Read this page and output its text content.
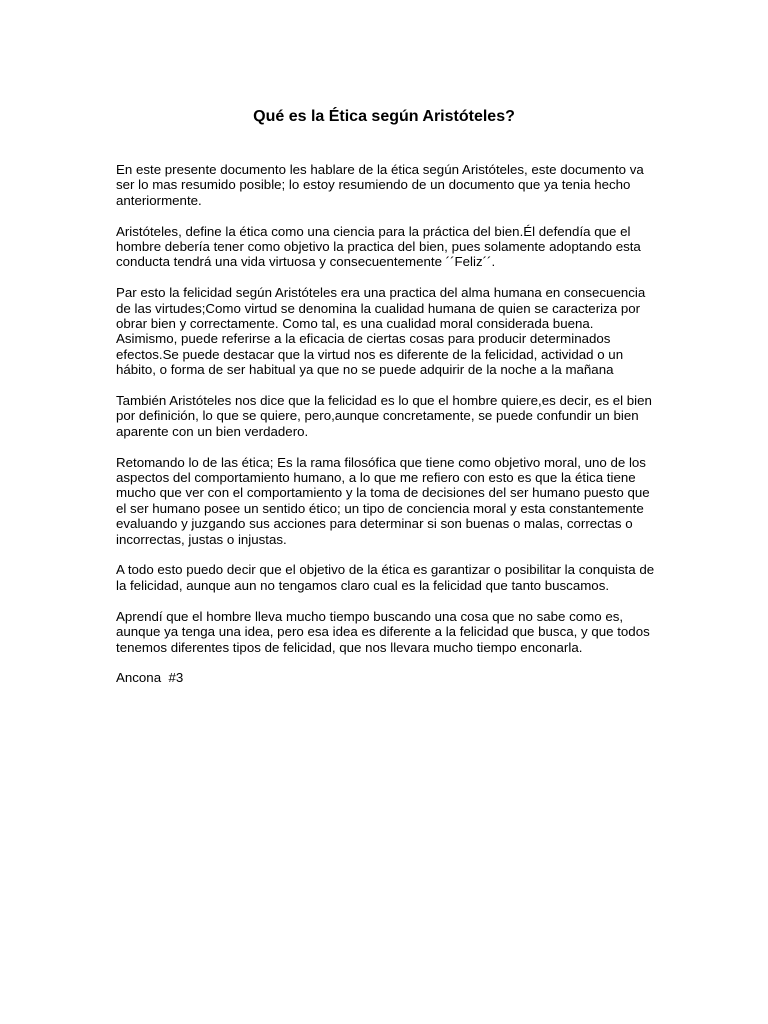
Qué es la Ética según Aristóteles?

En este presente documento les hablare de la ética según Aristóteles, este documento va ser lo mas resumido posible; lo estoy resumiendo de un documento que ya tenia hecho anteriormente.

Aristóteles, define la ética como una ciencia para la práctica del bien.Él defendía que el hombre debería tener como objetivo la practica del bien, pues solamente adoptando esta conducta tendrá una vida virtuosa y consecuentemente ´´Feliz´´.

Par esto la felicidad según Aristóteles era una practica del alma humana en consecuencia de las virtudes;Como virtud se denomina la cualidad humana de quien se caracteriza por obrar bien y correctamente. Como tal, es una cualidad moral considerada buena. Asimismo, puede referirse a la eficacia de ciertas cosas para producir determinados efectos.Se puede destacar que la virtud nos es diferente de la felicidad, actividad o un hábito, o forma de ser habitual ya que no se puede adquirir de la noche a la mañana

También Aristóteles nos dice que la felicidad es lo que el hombre quiere,es decir, es el bien por definición, lo que se quiere, pero,aunque concretamente, se puede confundir un bien aparente con un bien verdadero.

Retomando lo de las ética; Es la rama filosófica que tiene como objetivo moral, uno de los aspectos del comportamiento humano, a lo que me refiero con esto es que la ética tiene mucho que ver con el comportamiento y la toma de decisiones del ser humano puesto que el ser humano posee un sentido ético; un tipo de conciencia moral y esta constantemente evaluando y juzgando sus acciones para determinar si son buenas o malas, correctas o incorrectas, justas o injustas.

A todo esto puedo decir que el objetivo de la ética es garantizar o posibilitar la conquista de la felicidad, aunque aun no tengamos claro cual es la felicidad que tanto buscamos.

Aprendí que el hombre lleva mucho tiempo buscando una cosa que no sabe como es, aunque ya tenga una idea, pero esa idea es diferente a la felicidad que busca, y que todos tenemos diferentes tipos de felicidad, que nos llevara mucho tiempo enconarla.

Ancona  #3
